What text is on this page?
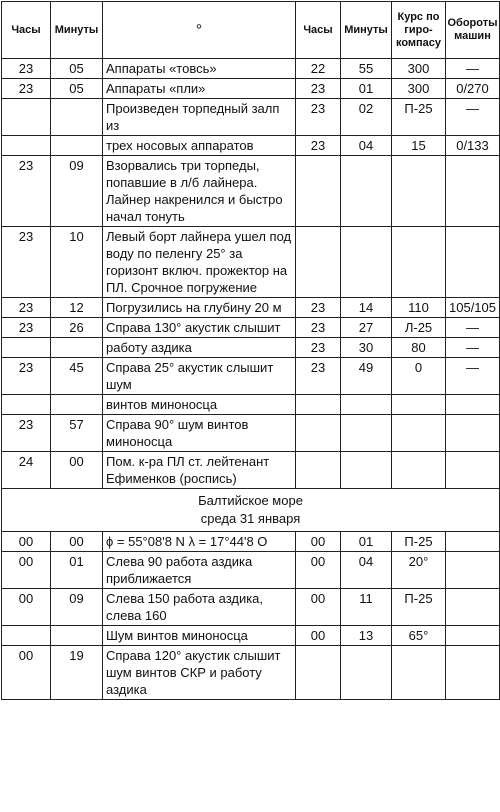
Часы	Минуты	°	Часы	Минуты	Курс по гиро-компасу	Обороты машин
23	05	Аппараты «товсь»	22	55	300	—
23	05	Аппараты «пли»	23	01	300	0/270
		Произведен торпедный залп из	23	02	П-25	—
		трех носовых аппаратов	23	04	15	0/133
23	09	Взорвались три торпеды, попавшие в л/б лайнера. Лайнер накренился и быстро начал тонуть				
23	10	Левый борт лайнера ушел под воду по пеленгу 25° за горизонт включ. прожектор на ПЛ. Срочное погружение				
23	12	Погрузились на глубину 20 м	23	14	110	105/105
23	26	Справа 130° акустик слышит	23	27	Л-25	—
		работу аздика	23	30	80	—
23	45	Справа 25° акустик слышит шум	23	49	0	—
		винтов миноносца				
23	57	Справа 90° шум винтов миноносца				
24	00	Пом. к-ра ПЛ ст. лейтенант Ефименков (роспись)				
Балтийское море
среда 31 января						
00	00	ϕ = 55°08'8 N λ = 17°44'8 O	00	01	П-25	
00	01	Слева 90 работа аздика приближается	00	04	20°	
00	09	Слева 150 работа аздика, слева 160	00	11	П-25	
		Шум винтов миноносца	00	13	65°	
00	19	Справа 120° акустик слышит шум винтов СКР и работу аздика				
